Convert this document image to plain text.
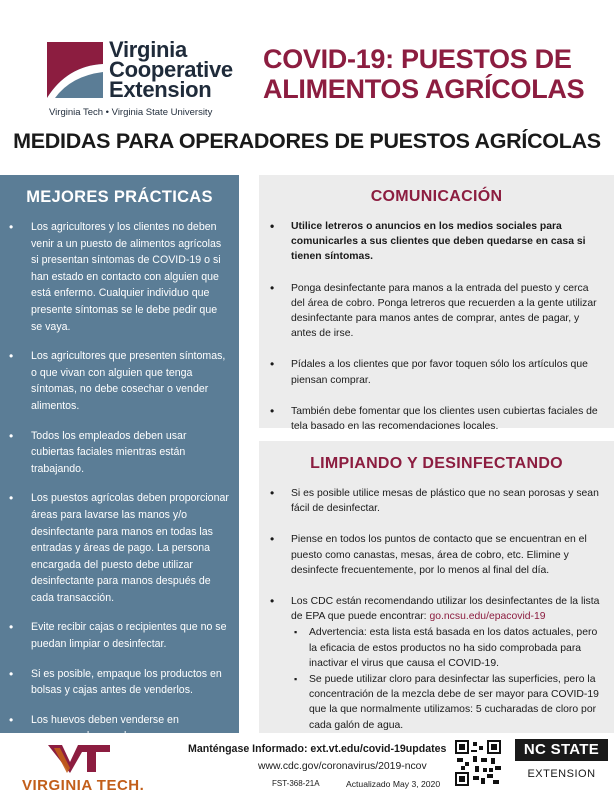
Virginia
Cooperative
Extension
Virginia Tech • Virginia State University
COVID-19: PUESTOS DE ALIMENTOS AGRÍCOLAS
MEDIDAS PARA OPERADORES DE PUESTOS AGRÍCOLAS
MEJORES PRÁCTICAS
• Los agricultores y los clientes no deben venir a un puesto de alimentos agrícolas si presentan síntomas de COVID-19 o si han estado en contacto con alguien que está enfermo. Cualquier individuo que presente síntomas se le debe pedir que se vaya.
• Los agricultores que presenten síntomas, o que vivan con alguien que tenga síntomas, no debe cosechar o vender alimentos.
• Todos los empleados deben usar cubiertas faciales mientras están trabajando.
• Los puestos agrícolas deben proporcionar áreas para lavarse las manos y/o desinfectante para manos en todas las entradas y áreas de pago. La persona encargada del puesto debe utilizar desinfectante para manos después de cada transacción.
• Evite recibir cajas o recipientes que no se puedan limpiar o desinfectar.
• Si es posible, empaque los productos en bolsas y cajas antes de venderlos.
• Los huevos deben venderse en empaques de un solo uso.
COMUNICACIÓN
• Utilice letreros o anuncios en los medios sociales para comunicarles a sus clientes que deben quedarse en casa si tienen síntomas.
• Ponga desinfectante para manos a la entrada del puesto y cerca del área de cobro. Ponga letreros que recuerden a la gente utilizar desinfectante para manos antes de comprar, antes de pagar, y antes de irse.
• Pídales a los clientes que por favor toquen sólo los artículos que piensan comprar.
• También debe fomentar que los clientes usen cubiertas faciales de tela basado en las recomendaciones locales.
LIMPIANDO Y DESINFECTANDO
• Si es posible utilice mesas de plástico que no sean porosas y sean fácil de desinfectar.
• Piense en todos los puntos de contacto que se encuentran en el puesto como canastas, mesas, área de cobro, etc. Elimine y desinfecte frecuentemente, por lo menos al final del día.
• Los CDC están recomendando utilizar los desinfectantes de la lista de EPA que puede encontrar: go.ncsu.edu/epacovid-19
▪ Advertencia: esta lista está basada en los datos actuales, pero la eficacia de estos productos no ha sido comprobada para inactivar el virus que causa el COVID-19.
▪ Se puede utilizar cloro para desinfectar las superficies, pero la concentración de la mezcla debe de ser mayor para COVID-19 que la que normalmente utilizamos: 5 cucharadas de cloro por cada galón de agua.
VIRGINIA TECH.
Manténgase Informado: ext.vt.edu/covid-19updates
www.cdc.gov/coronavirus/2019-ncov
FST-368-21A	Actualizado May 3, 2020
NC STATE
EXTENSION
